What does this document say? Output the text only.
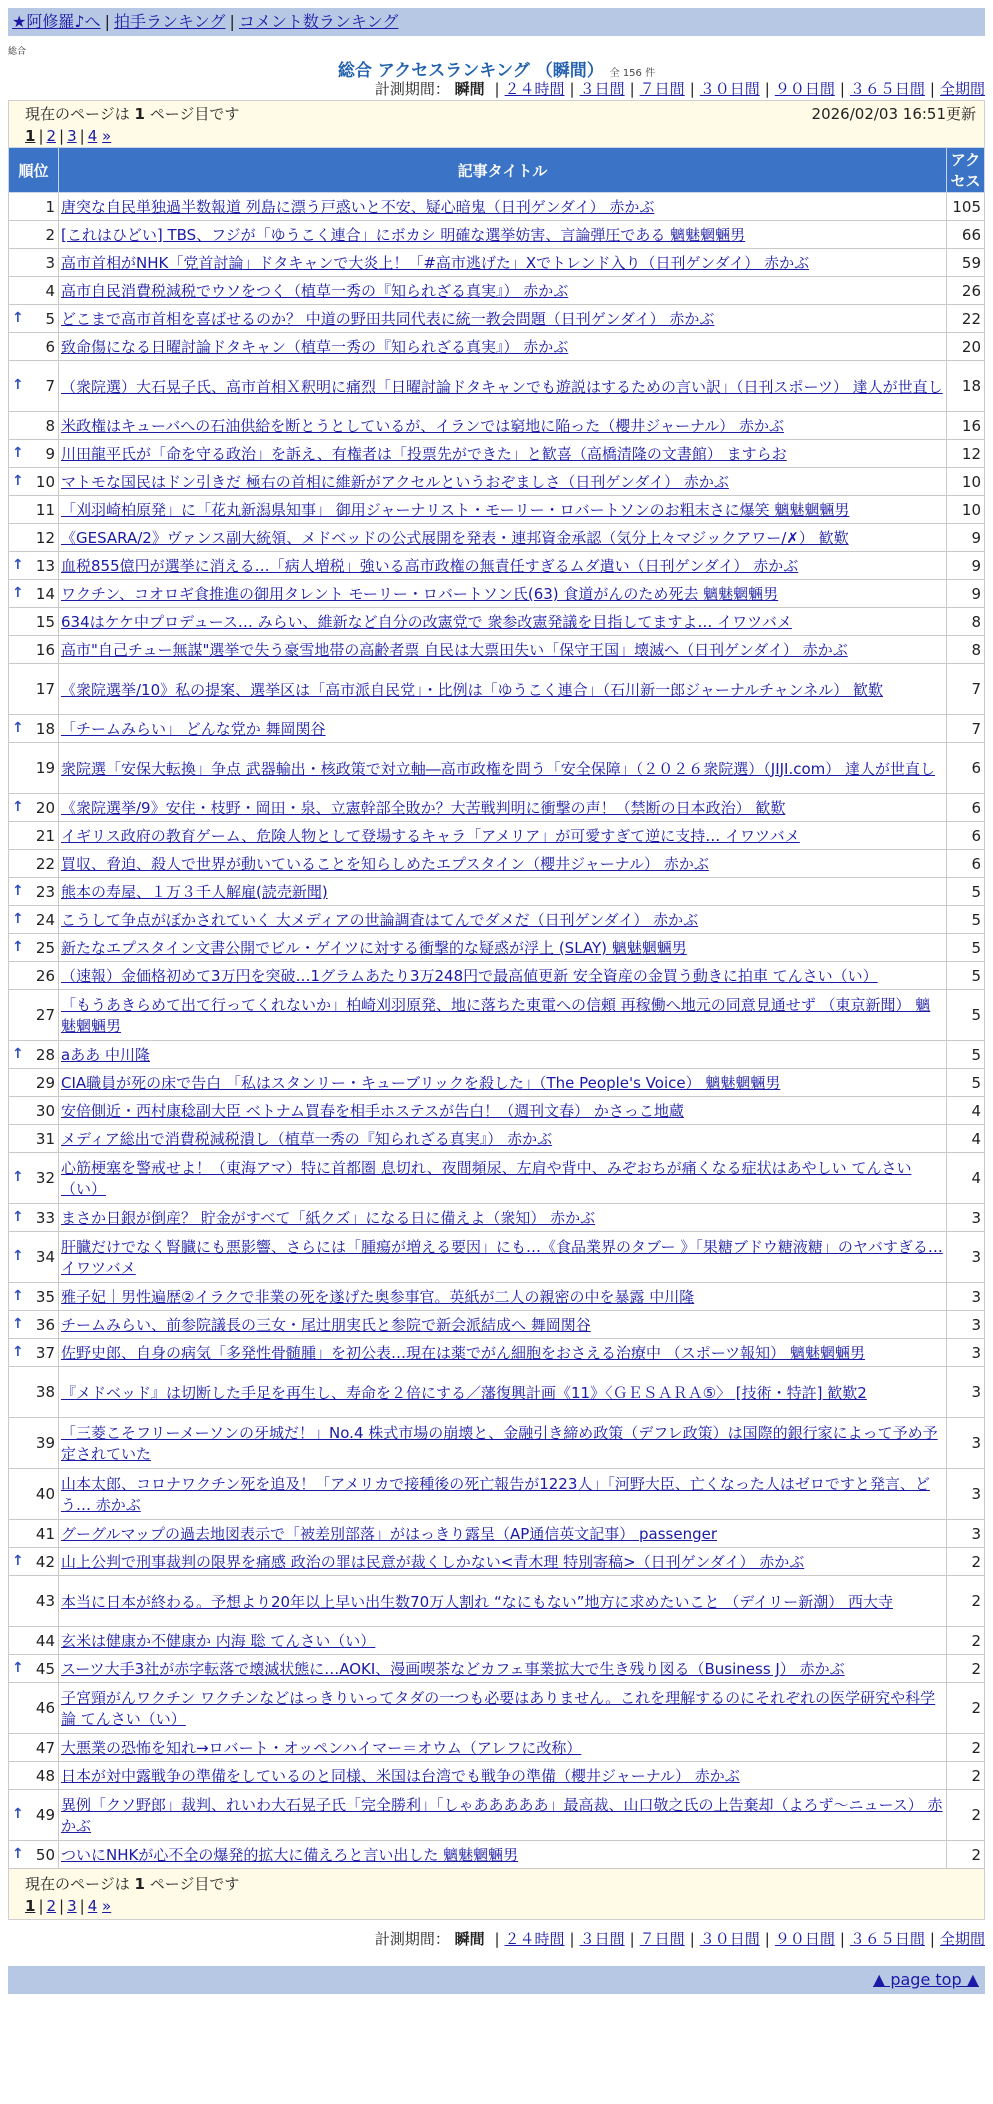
★阿修羅♪へ | 拍手ランキング | コメント数ランキング
総合
総合 アクセスランキング （瞬間） 全 156 件
計測期間： 瞬間 | ２４時間 | ３日間 | ７日間 | ３０日間 | ９０日間 | ３６５日間 | 全期間
現在のページは 1 ページ目です	2026/02/03 16:51更新
1 | 2 | 3 | 4 »
順位	記事タイトル	アクセス
1	唐突な自民単独過半数報道 列島に漂う戸惑いと不安、疑心暗鬼（日刊ゲンダイ） 赤かぶ	105
2	[これはひどい] TBS、フジが「ゆうこく連合」にボカシ 明確な選挙妨害、言論弾圧である 魑魅魍魎男	66
3	高市首相がNHK「党首討論」ドタキャンで大炎上！「#高市逃げた」Xでトレンド入り（日刊ゲンダイ） 赤かぶ	59
4	高市自民消費税減税でウソをつく（植草一秀の『知られざる真実』） 赤かぶ	26

↑ 5	どこまで高市首相を喜ばせるのか？ 中道の野田共同代表に統一教会問題（日刊ゲンダイ） 赤かぶ	22
6	致命傷になる日曜討論ドタキャン（植草一秀の『知られざる真実』） 赤かぶ	20

↑ 7	（衆院選）大石晃子氏、高市首相Ｘ釈明に痛烈「日曜討論ドタキャンでも遊説はするための言い訳」（日刊スポーツ） 達人が世直し	18
8	米政権はキューバへの石油供給を断とうとしているが、イランでは窮地に陥った（櫻井ジャーナル） 赤かぶ	16

↑ 9	川田龍平氏が「命を守る政治」を訴え、有権者は「投票先ができた」と歓喜（高橋清隆の文書館） ますらお	12

↑ 10	マトモな国民はドン引きだ 極右の首相に維新がアクセルというおぞましさ（日刊ゲンダイ） 赤かぶ	10
11	「刈羽崎柏原発」に「花丸新潟県知事」 御用ジャーナリスト・モーリー・ロバートソンのお粗末さに爆笑 魑魅魍魎男	10
12	《GESARA/2》ヴァンス副大統領、メドベッドの公式展開を発表・連邦資金承認（気分上々マジックアワー/✗） 歓歎	9

↑ 13	血税855億円が選挙に消える…「病人増税」強いる高市政権の無責任すぎるムダ遣い（日刊ゲンダイ） 赤かぶ	9

↑ 14	ワクチン、コオロギ食推進の御用タレント モーリー・ロバートソン氏(63) 食道がんのため死去 魑魅魍魎男	9
15	634はケケ中プロデュース… みらい、維新など自分の改憲党で 衆参改憲発議を目指してますよ… イワツバメ	8
16	高市"自己チュー無謀"選挙で失う豪雪地帯の高齢者票 自民は大票田失い「保守王国」壊滅へ（日刊ゲンダイ） 赤かぶ	8
17	《衆院選挙/10》私の提案、選挙区は「高市派自民党」・比例は「ゆうこく連合」（石川新一郎ジャーナルチャンネル） 歓歎	7

↑ 18	「チームみらい」 どんな党か 舞岡関谷	7
19	衆院選「安保大転換」争点 武器輸出・核政策で対立軸―高市政権を問う「安全保障」（２０２６衆院選）（JIJI.com） 達人が世直し	6

↑ 20	《衆院選挙/9》安住・枝野・岡田・泉、立憲幹部全敗か？大苦戦判明に衝撃の声！（禁断の日本政治） 歓歎	6
21	イギリス政府の教育ゲーム、危険人物として登場するキャラ「アメリア」が可愛すぎて逆に支持… イワツバメ	6
22	買収、脅迫、殺人で世界が動いていることを知らしめたエプスタイン（櫻井ジャーナル） 赤かぶ	6

↑ 23	熊本の寿屋、１万３千人解雇(読売新聞)	5

↑ 24	こうして争点がぼかされていく 大メディアの世論調査はてんでダメだ（日刊ゲンダイ） 赤かぶ	5

↑ 25	新たなエプスタイン文書公開でビル・ゲイツに対する衝撃的な疑惑が浮上 (SLAY) 魑魅魍魎男	5
26	（速報）金価格初めて3万円を突破…1グラムあたり3万248円で最高値更新 安全資産の金買う動きに拍車 てんさい（い）	5
27	「もうあきらめて出て行ってくれないか」柏崎刈羽原発、地に落ちた東電への信頼 再稼働へ地元の同意見通せず （東京新聞） 魑魅魍魎男	5

↑ 28	aああ 中川隆	5
29	CIA職員が死の床で告白 「私はスタンリー・キューブリックを殺した」（The People's Voice） 魑魅魍魎男	5
30	安倍側近・西村康稔副大臣 ベトナム買春を相手ホステスが告白！（週刊文春） かさっこ地蔵	4
31	メディア総出で消費税減税潰し（植草一秀の『知られざる真実』） 赤かぶ	4

↑ 32	心筋梗塞を警戒せよ！（東海アマ）特に首都圏 息切れ、夜間頻尿、左肩や背中、みぞおちが痛くなる症状はあやしい てんさい（い）	4

↑ 33	まさか日銀が倒産？ 貯金がすべて「紙クズ」になる日に備えよ（衆知） 赤かぶ	3

↑ 34	肝臓だけでなく腎臓にも悪影響、さらには「腫瘍が増える要因」にも…《食品業界のタブー 》「果糖ブドウ糖液糖」のヤバすぎる… イワツバメ	3

↑ 35	雅子妃｜男性遍歴②イラクで非業の死を遂げた奥参事官。英紙が二人の親密の中を暴露 中川隆	3

↑ 36	チームみらい、前参院議長の三女・尾辻朋実氏と参院で新会派結成へ 舞岡関谷	3

↑ 37	佐野史郎、自身の病気「多発性骨髄腫」を初公表…現在は薬でがん細胞をおさえる治療中 （スポーツ報知） 魑魅魍魎男	3
38	『メドベッド』は切断した手足を再生し、寿命を２倍にする／藩復興計画《11》〈ＧＥＳＡＲＡ⑤〉 [技術・特許] 歓歎2	3
39	「三菱こそフリーメーソンの牙城だ！」No.4 株式市場の崩壊と、金融引き締め政策（デフレ政策）は国際的銀行家によって予め予定されていた	3
40	山本太郎、コロナワクチン死を追及！「アメリカで接種後の死亡報告が1223人」「河野大臣、亡くなった人はゼロですと発言、どう… 赤かぶ	3
41	グーグルマップの過去地図表示で「被差別部落」がはっきり露呈（AP通信英文記事） passenger	3

↑ 42	山上公判で刑事裁判の限界を痛感 政治の罪は民意が裁くしかない<青木理 特別寄稿>（日刊ゲンダイ） 赤かぶ	2
43	本当に日本が終わる。予想より20年以上早い出生数70万人割れ “なにもない”地方に求めたいこと （デイリー新潮） 西大寺	2
44	玄米は健康か不健康か 内海 聡 てんさい（い）	2

↑ 45	スーツ大手3社が赤字転落で壊滅状態に…AOKI、漫画喫茶などカフェ事業拡大で生き残り図る（Business J） 赤かぶ	2
46	子宮頸がんワクチン ワクチンなどはっきりいってタダの一つも必要はありません。これを理解するのにそれぞれの医学研究や科学論 てんさい（い）	2
47	大悪業の恐怖を知れ→ロバート・オッペンハイマー＝オウム（アレフに改称）	2
48	日本が対中露戦争の準備をしているのと同様、米国は台湾でも戦争の準備（櫻井ジャーナル） 赤かぶ	2

↑ 49	異例「クソ野郎」裁判、れいわ大石晃子氏「完全勝利」「しゃあああああ」最高裁、山口敬之氏の上告棄却（よろず～ニュース） 赤かぶ	2

↑ 50	ついにNHKが心不全の爆発的拡大に備えろと言い出した 魑魅魍魎男	2
現在のページは 1 ページ目です
1 | 2 | 3 | 4 »
計測期間： 瞬間 | ２４時間 | ３日間 | ７日間 | ３０日間 | ９０日間 | ３６５日間 | 全期間
▲ page top ▲
